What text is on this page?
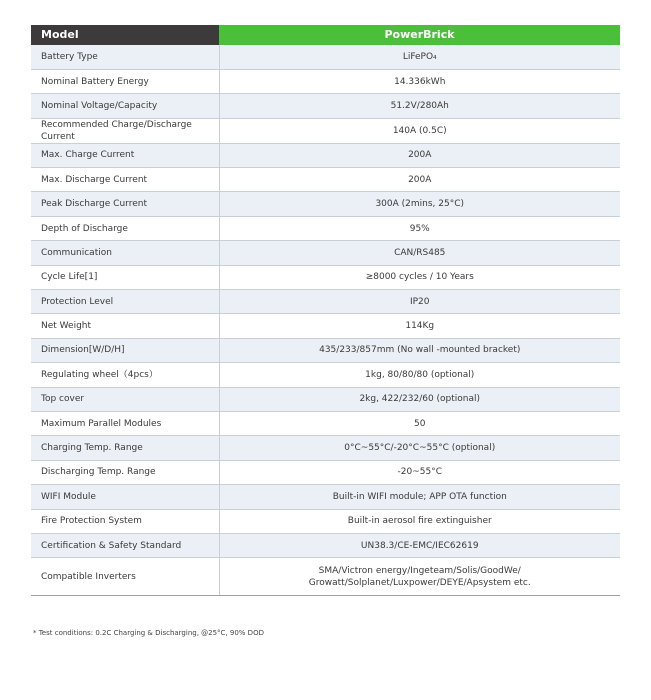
Model	PowerBrick
Battery Type	LiFePO₄
Nominal Battery Energy	14.336kWh
Nominal Voltage/Capacity	51.2V/280Ah
Recommended Charge/Discharge Current	140A (0.5C)
Max. Charge Current	200A
Max. Discharge Current	200A
Peak Discharge Current	300A (2mins, 25°C)
Depth of Discharge	95%
Communication	CAN/RS485
Cycle Life[1]	≥8000 cycles / 10 Years
Protection Level	IP20
Net Weight	114Kg
Dimension[W/D/H]	435/233/857mm (No wall -mounted bracket)
Regulating wheel（4pcs）	1kg, 80/80/80 (optional)
Top cover	2kg, 422/232/60 (optional)
Maximum Parallel Modules	50
Charging Temp. Range	0°C~55°C/-20°C~55°C (optional)
Discharging Temp. Range	-20~55°C
WIFI Module	Built-in WIFI module; APP OTA function
Fire Protection System	Built-in aerosol fire extinguisher
Certification & Safety Standard	UN38.3/CE-EMC/IEC62619
Compatible Inverters	SMA/Victron energy/Ingeteam/Solis/GoodWe/
Growatt/Solplanet/Luxpower/DEYE/Apsystem etc.
* Test conditions: 0.2C Charging & Discharging, @25°C, 90% DOD
